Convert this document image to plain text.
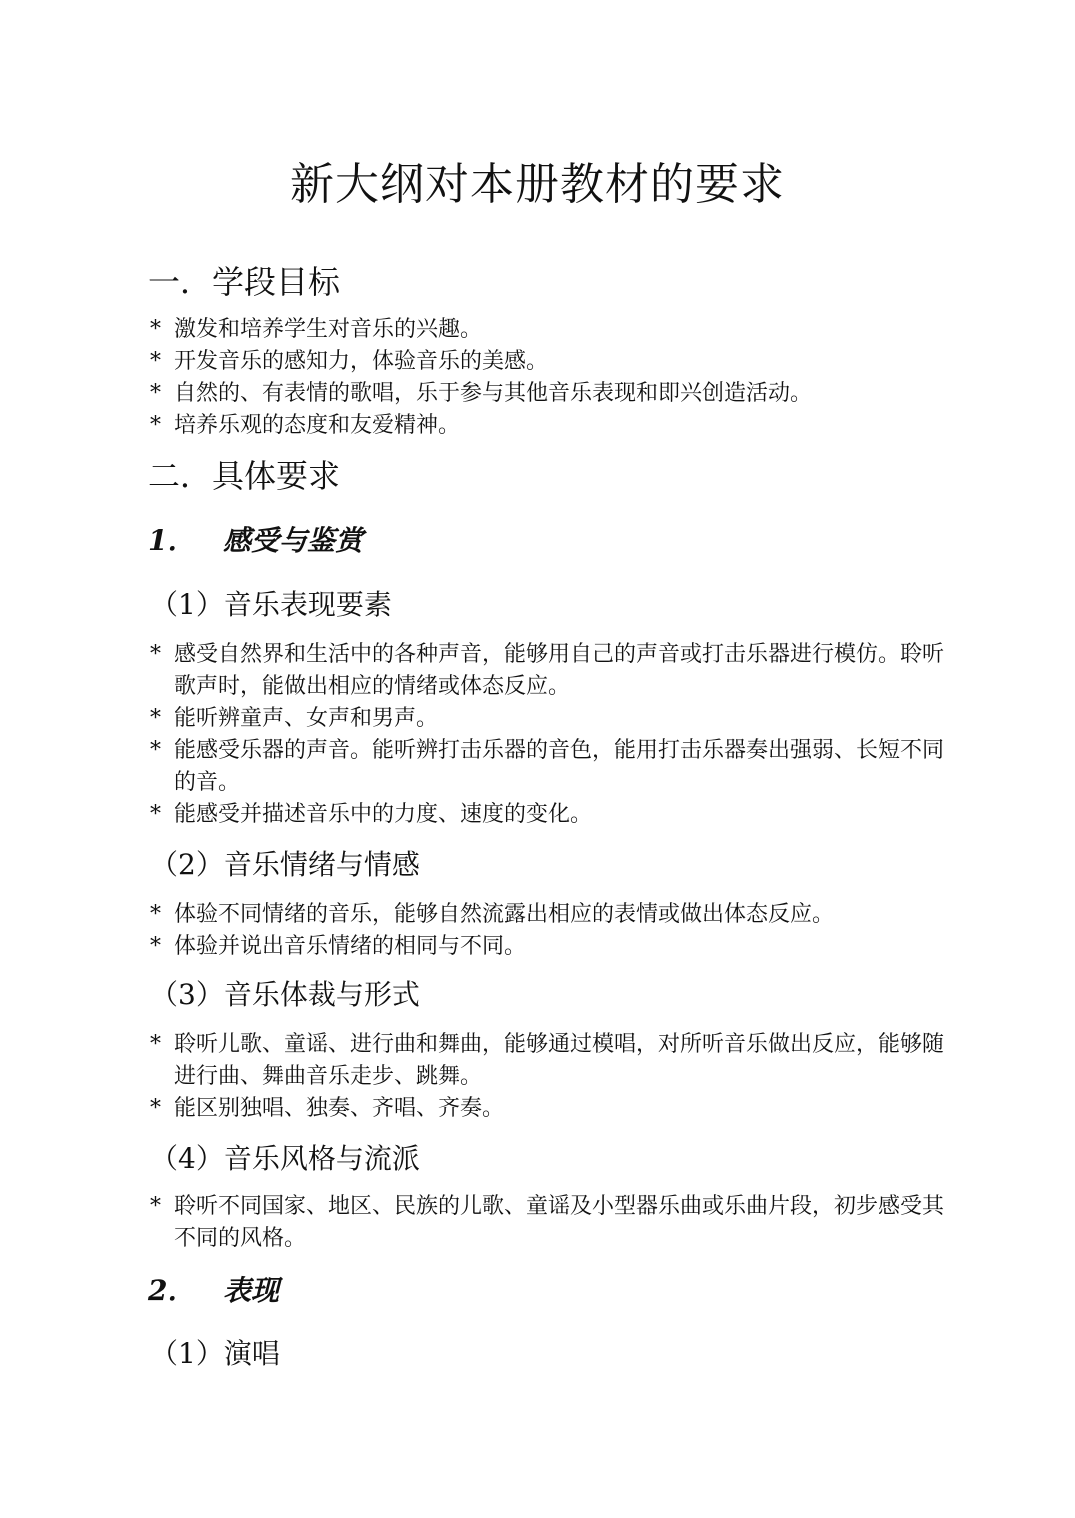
新大纲对本册教材的要求
一．学段目标
* 激发和培养学生对音乐的兴趣。
* 开发音乐的感知力，体验音乐的美感。
* 自然的、有表情的歌唱，乐于参与其他音乐表现和即兴创造活动。
* 培养乐观的态度和友爱精神。
二．具体要求
1． 感受与鉴赏
（1）音乐表现要素
* 感受自然界和生活中的各种声音，能够用自己的声音或打击乐器进行模仿。聆听歌声时，能做出相应的情绪或体态反应。
* 能听辨童声、女声和男声。
* 能感受乐器的声音。能听辨打击乐器的音色，能用打击乐器奏出强弱、长短不同的音。
* 能感受并描述音乐中的力度、速度的变化。
（2）音乐情绪与情感
* 体验不同情绪的音乐，能够自然流露出相应的表情或做出体态反应。
* 体验并说出音乐情绪的相同与不同。
（3）音乐体裁与形式
* 聆听儿歌、童谣、进行曲和舞曲，能够通过模唱，对所听音乐做出反应，能够随进行曲、舞曲音乐走步、跳舞。
* 能区别独唱、独奏、齐唱、齐奏。
（4）音乐风格与流派
* 聆听不同国家、地区、民族的儿歌、童谣及小型器乐曲或乐曲片段，初步感受其不同的风格。
2． 表现
（1）演唱
